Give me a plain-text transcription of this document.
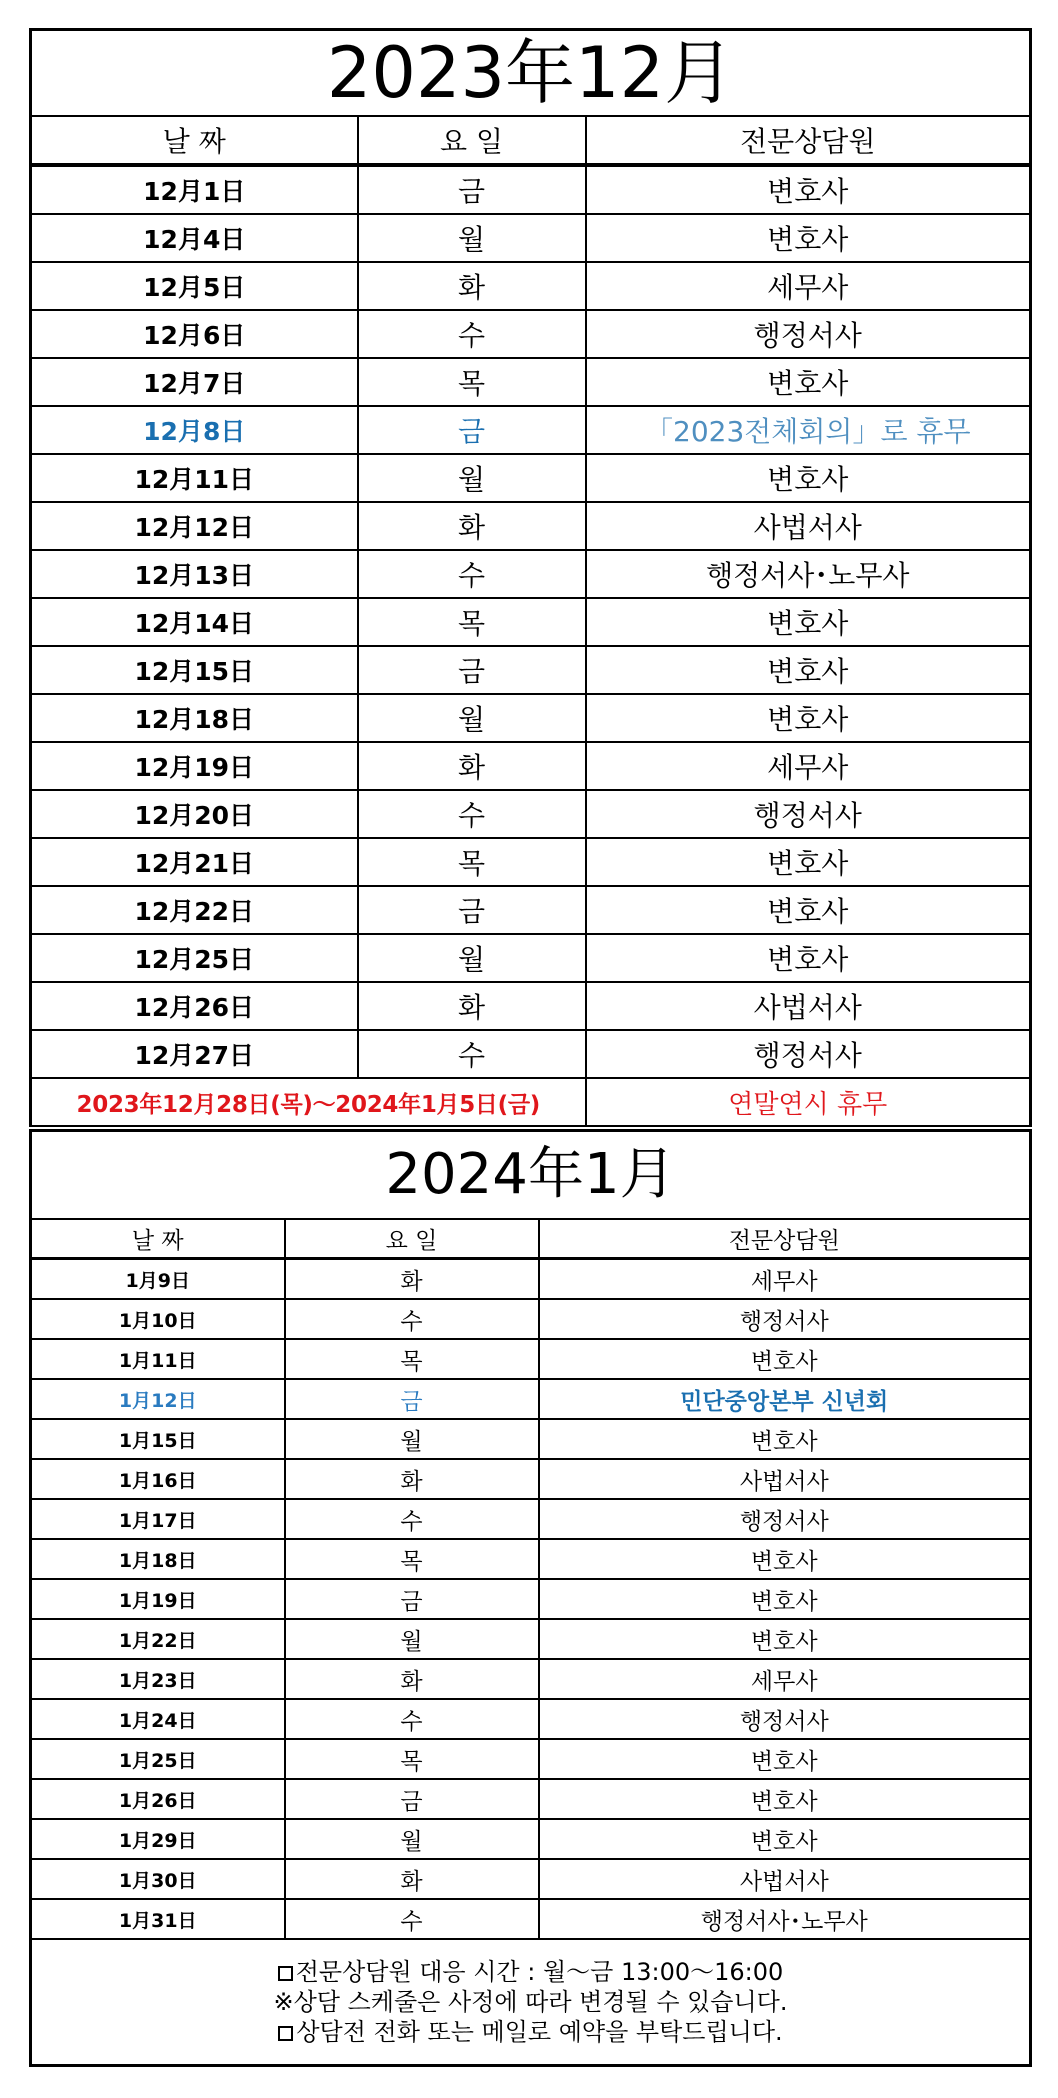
2023年12月		
날 짜	요 일	전문상담원
12月1日	금	변호사
12月4日	월	변호사
12月5日	화	세무사
12月6日	수	행정서사
12月7日	목	변호사
12月8日	금	「2023전체회의」로 휴무
12月11日	월	변호사
12月12日	화	사법서사
12月13日	수	행정서사･노무사
12月14日	목	변호사
12月15日	금	변호사
12月18日	월	변호사
12月19日	화	세무사
12月20日	수	행정서사
12月21日	목	변호사
12月22日	금	변호사
12月25日	월	변호사
12月26日	화	사법서사
12月27日	수	행정서사
2023年12月28日(목)～2024年1月5日(금)		연말연시 휴무
2024年1月		
날 짜	요 일	전문상담원
1月9日	화	세무사
1月10日	수	행정서사
1月11日	목	변호사
1月12日	금	민단중앙본부 신년회
1月15日	월	변호사
1月16日	화	사법서사
1月17日	수	행정서사
1月18日	목	변호사
1月19日	금	변호사
1月22日	월	변호사
1月23日	화	세무사
1月24日	수	행정서사
1月25日	목	변호사
1月26日	금	변호사
1月29日	월	변호사
1月30日	화	사법서사
1月31日	수	행정서사･노무사

전문상담원 대응 시간 : 월～금 13:00～16:00
※상담 스케줄은 사정에 따라 변경될 수 있습니다.
상담전 전화 또는 메일로 예약을 부탁드립니다.		
